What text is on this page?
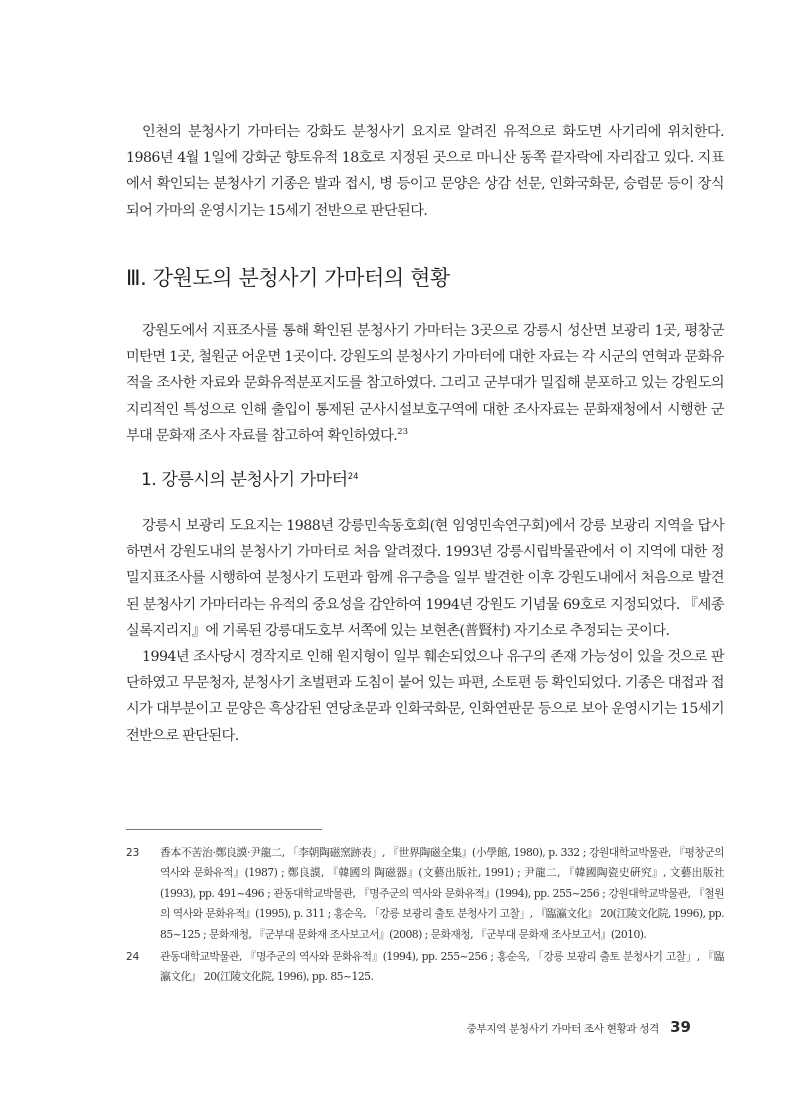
인천의 분청사기 가마터는 강화도 분청사기 요지로 알려진 유적으로 화도면 사기리에 위치한다. 1986년 4월 1일에 강화군 향토유적 18호로 지정된 곳으로 마니산 동쪽 끝자락에 자리잡고 있다. 지표에서 확인되는 분청사기 기종은 발과 접시, 병 등이고 문양은 상감 선문, 인화국화문, 승렴문 등이 장식되어 가마의 운영시기는 15세기 전반으로 판단된다.

Ⅲ. 강원도의 분청사기 가마터의 현황

강원도에서 지표조사를 통해 확인된 분청사기 가마터는 3곳으로 강릉시 성산면 보광리 1곳, 평창군 미탄면 1곳, 철원군 어운면 1곳이다. 강원도의 분청사기 가마터에 대한 자료는 각 시군의 연혁과 문화유적을 조사한 자료와 문화유적분포지도를 참고하였다. 그리고 군부대가 밀집해 분포하고 있는 강원도의 지리적인 특성으로 인해 출입이 통제된 군사시설보호구역에 대한 조사자료는 문화재청에서 시행한 군부대 문화재 조사 자료를 참고하여 확인하였다.$^{23}$

1. 강릉시의 분청사기 가마터$^{24}$

강릉시 보광리 도요지는 1988년 강릉민속동호회(현 임영민속연구회)에서 강릉 보광리 지역을 답사하면서 강원도내의 분청사기 가마터로 처음 알려졌다. 1993년 강릉시립박물관에서 이 지역에 대한 정밀지표조사를 시행하여 분청사기 도편과 함께 유구층을 일부 발견한 이후 강원도내에서 처음으로 발견된 분청사기 가마터라는 유적의 중요성을 감안하여 1994년 강원도 기념물 69호로 지정되었다. 『세종실록지리지』에 기록된 강릉대도호부 서쪽에 있는 보현촌(普賢村) 자기소로 추정되는 곳이다.

1994년 조사당시 경작지로 인해 원지형이 일부 훼손되었으나 유구의 존재 가능성이 있을 것으로 판단하였고 무문청자, 분청사기 초벌편과 도침이 붙어 있는 파편, 소토편 등 확인되었다. 기종은 대접과 접시가 대부분이고 문양은 흑상감된 연당초문과 인화국화문, 인화연판문 등으로 보아 운영시기는 15세기 전반으로 판단된다.

23 香本不苦治·鄭良謨·尹龍二, 「李朝陶磁窯跡表」, 『世界陶磁全集』(小學館, 1980), p. 332 ; 강원대학교박물관, 『평창군의 역사와 문화유적』(1987) ; 鄭良謨, 『韓國의 陶磁器』(文藝出版社, 1991) ; 尹龍二, 『韓國陶瓷史硏究』, 文藝出版社(1993), pp. 491~496 ; 관동대학교박물관, 『명주군의 역사와 문화유적』(1994), pp. 255~256 ; 강원대학교박물관, 『철원의 역사와 문화유적』(1995), p. 311 ; 홍순옥, 「강릉 보광리 출토 분청사기 고찰」, 『臨瀛文化』 20(江陵文化院, 1996), pp. 85~125 ; 문화재청, 『군부대 문화재 조사보고서』(2008) ; 문화재청, 『군부대 문화재 조사보고서』(2010).
24 관동대학교박물관, 『명주군의 역사와 문화유적』(1994), pp. 255~256 ; 홍순옥, 「강릉 보광리 출토 분청사기 고찰」, 『臨瀛文化』 20(江陵文化院, 1996), pp. 85~125.
중부지역 분청사기 가마터 조사 현황과 성격 39
